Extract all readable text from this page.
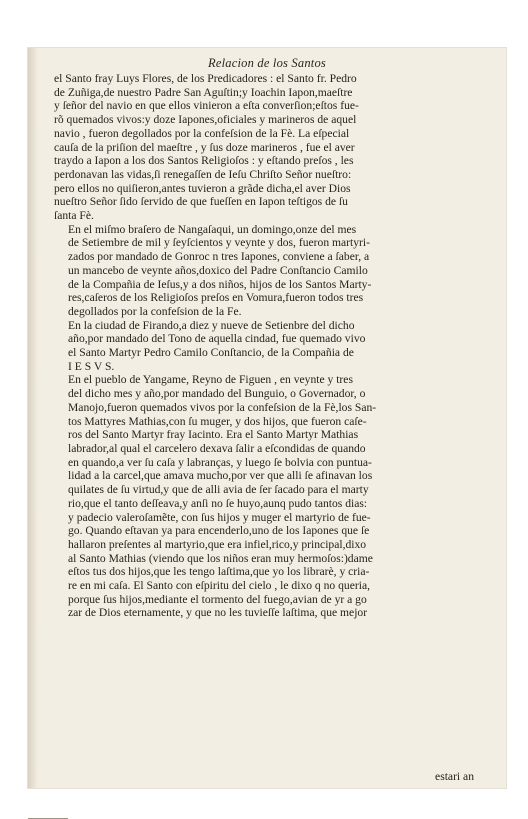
Relacion de los Santos

el Santo fray Luys Flores, de los Predicadores : el Santo fr. Pedro
de Zuñiga,de nuestro Padre San Aguſtin;y Ioachin Iapon,maeſtre
y ſeñor del navio en que ellos vinieron a eſta converſion;eſtos fue-
rõ quemados vivos:y doze Iapones,oficiales y marineros de aquel
navio , fueron degollados por la confeſsion de la Fè. La eſpecial
cauſa de la priſion del maeſtre , y ſus doze marineros , fue el aver
traydo a Iapon a los dos Santos Religioſos : y eſtando preſos , les
perdonavan las vidas,ſi renegaſſen de Ieſu Chriſto Señor nueſtro:
pero ellos no quiſieron,antes tuvieron a grãde dicha,el aver Dios
nueſtro Señor ſido ſervido de que fueſſen en Iapon teſtigos de ſu
ſanta Fè.

En el miſmo braſero de Nangaſaqui, un domingo,onze del mes
de Setiembre de mil y ſeyſcientos y veynte y dos, fueron martyri-
zados por mandado de Gonroc n tres Iapones, conviene a ſaber, a
un mancebo de veynte años,doxico del Padre Conſtancio Camilo
de la Compañia de Ieſus,y a dos niños, hijos de los Santos Marty-
res,caſeros de los Religioſos preſos en Vomura,fueron todos tres
degollados por la confeſsion de la Fe.

En la ciudad de Firando,a diez y nueve de Setienbre del dicho
año,por mandado del Tono de aquella cindad, fue quemado vivo
el Santo Martyr Pedro Camilo Conſtancio, de la Compañia de
I E S V S.

En el pueblo de Yangame, Reyno de Figuen , en veynte y tres
del dicho mes y año,por mandado del Bunguio, o Governador, o
Manojo,fueron quemados vivos por la confeſsion de la Fè,los San-
tos Mattyres Mathias,con ſu muger, y dos hijos, que fueron caſe-
ros del Santo Martyr fray Iacinto. Era el Santo Martyr Mathias
labrador,al qual el carcelero dexava ſalir a eſcondidas de quando
en quando,a ver ſu caſa y labranças, y luego ſe bolvia con puntua-
lidad a la carcel,que amava mucho,por ver que alli ſe afinavan los
quilates de ſu virtud,y que de alli avia de ſer ſacado para el marty
rio,que el tanto deſſeava,y anſi no ſe huyo,aunq pudo tantos dias:
y padecio valeroſamẽte, con ſus hijos y muger el martyrio de fue-
go. Quando eſtavan ya para encenderlo,uno de los Iapones que ſe
hallaron preſentes al martyrio,que era infiel,rico,y principal,dixo
al Santo Mathias (viendo que los niños eran muy hermoſos:)dame
eſtos tus dos hijos,que les tengo laſtima,que yo los librarè, y cria-
re en mi caſa. El Santo con eſpiritu del cielo , le dixo q no queria,
porque ſus hijos,mediante el tormento del fuego,avian de yr a go
zar de Dios eternamente, y que no les tuvieſſe laſtima, que mejor

estari an
